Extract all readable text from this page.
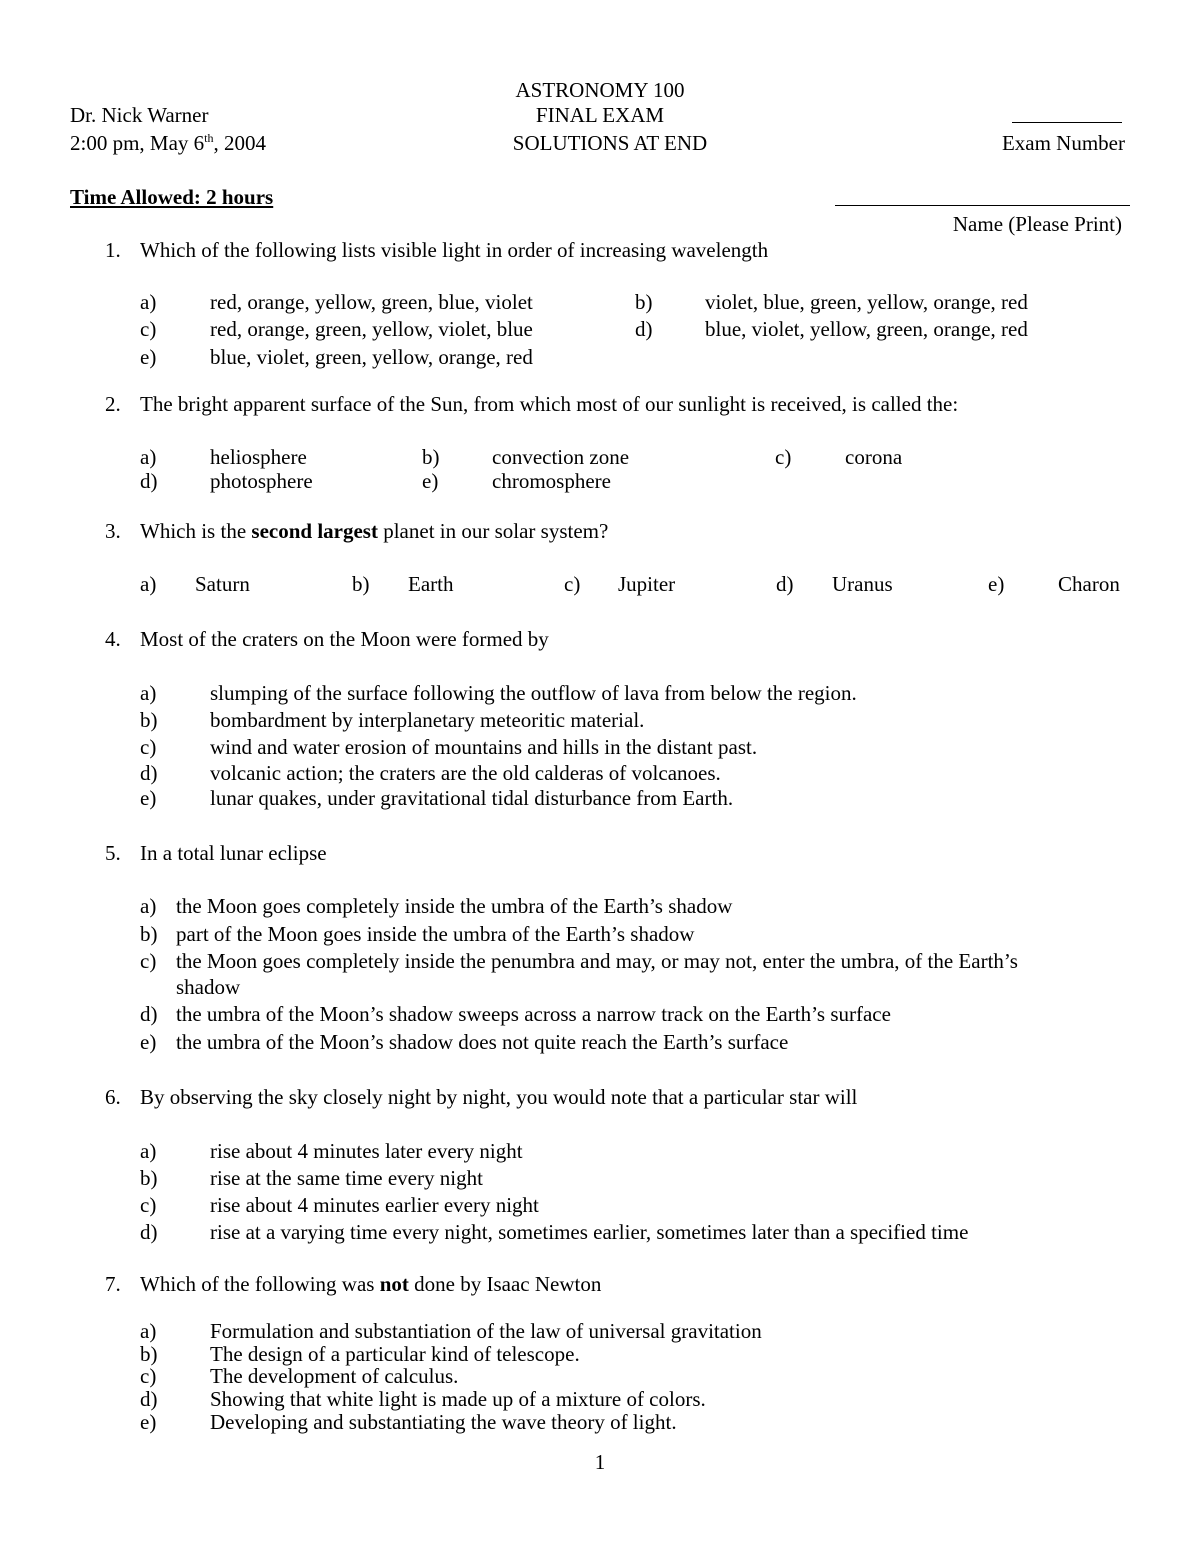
ASTRONOMY 100
FINAL EXAM
SOLUTIONS AT END
Dr. Nick Warner
2:00 pm, May 6th, 2004	Exam Number
Time Allowed: 2 hours
Name (Please Print)
1. Which of the following lists visible light in order of increasing wavelength
a)	red, orange, yellow, green, blue, violet	b)	violet, blue, green, yellow, orange, red
c)	red, orange, green, yellow, violet, blue	d)	blue, violet, yellow, green, orange, red
e)	blue, violet, green, yellow, orange, red
2. The bright apparent surface of the Sun, from which most of our sunlight is received, is called the:
a)	heliosphere	b)	convection zone	c)	corona
d)	photosphere	e)	chromosphere
3. Which is the second largest planet in our solar system?
a) Saturn	b) Earth	c) Jupiter	d) Uranus	e)	Charon
4. Most of the craters on the Moon were formed by
a)	slumping of the surface following the outflow of lava from below the region.
b)	bombardment by interplanetary meteoritic material.
c)	wind and water erosion of mountains and hills in the distant past.
d)	volcanic action; the craters are the old calderas of volcanoes.
e)	lunar quakes, under gravitational tidal disturbance from Earth.
5. In a total lunar eclipse
a) the Moon goes completely inside the umbra of the Earth’s shadow
b) part of the Moon goes inside the umbra of the Earth’s shadow
c) the Moon goes completely inside the penumbra and may, or may not, enter the umbra, of the Earth’s
shadow
d) the umbra of the Moon’s shadow sweeps across a narrow track on the Earth’s surface
e) the umbra of the Moon’s shadow does not quite reach the Earth’s surface
6. By observing the sky closely night by night, you would note that a particular star will
a)	rise about 4 minutes later every night
b)	rise at the same time every night
c)	rise about 4 minutes earlier every night
d)	rise at a varying time every night, sometimes earlier, sometimes later than a specified time
7. Which of the following was not done by Isaac Newton
a)	Formulation and substantiation of the law of universal gravitation
b)	The design of a particular kind of telescope.
c)	The development of calculus.
d)	Showing that white light is made up of a mixture of colors.
e)	Developing and substantiating the wave theory of light.
1
